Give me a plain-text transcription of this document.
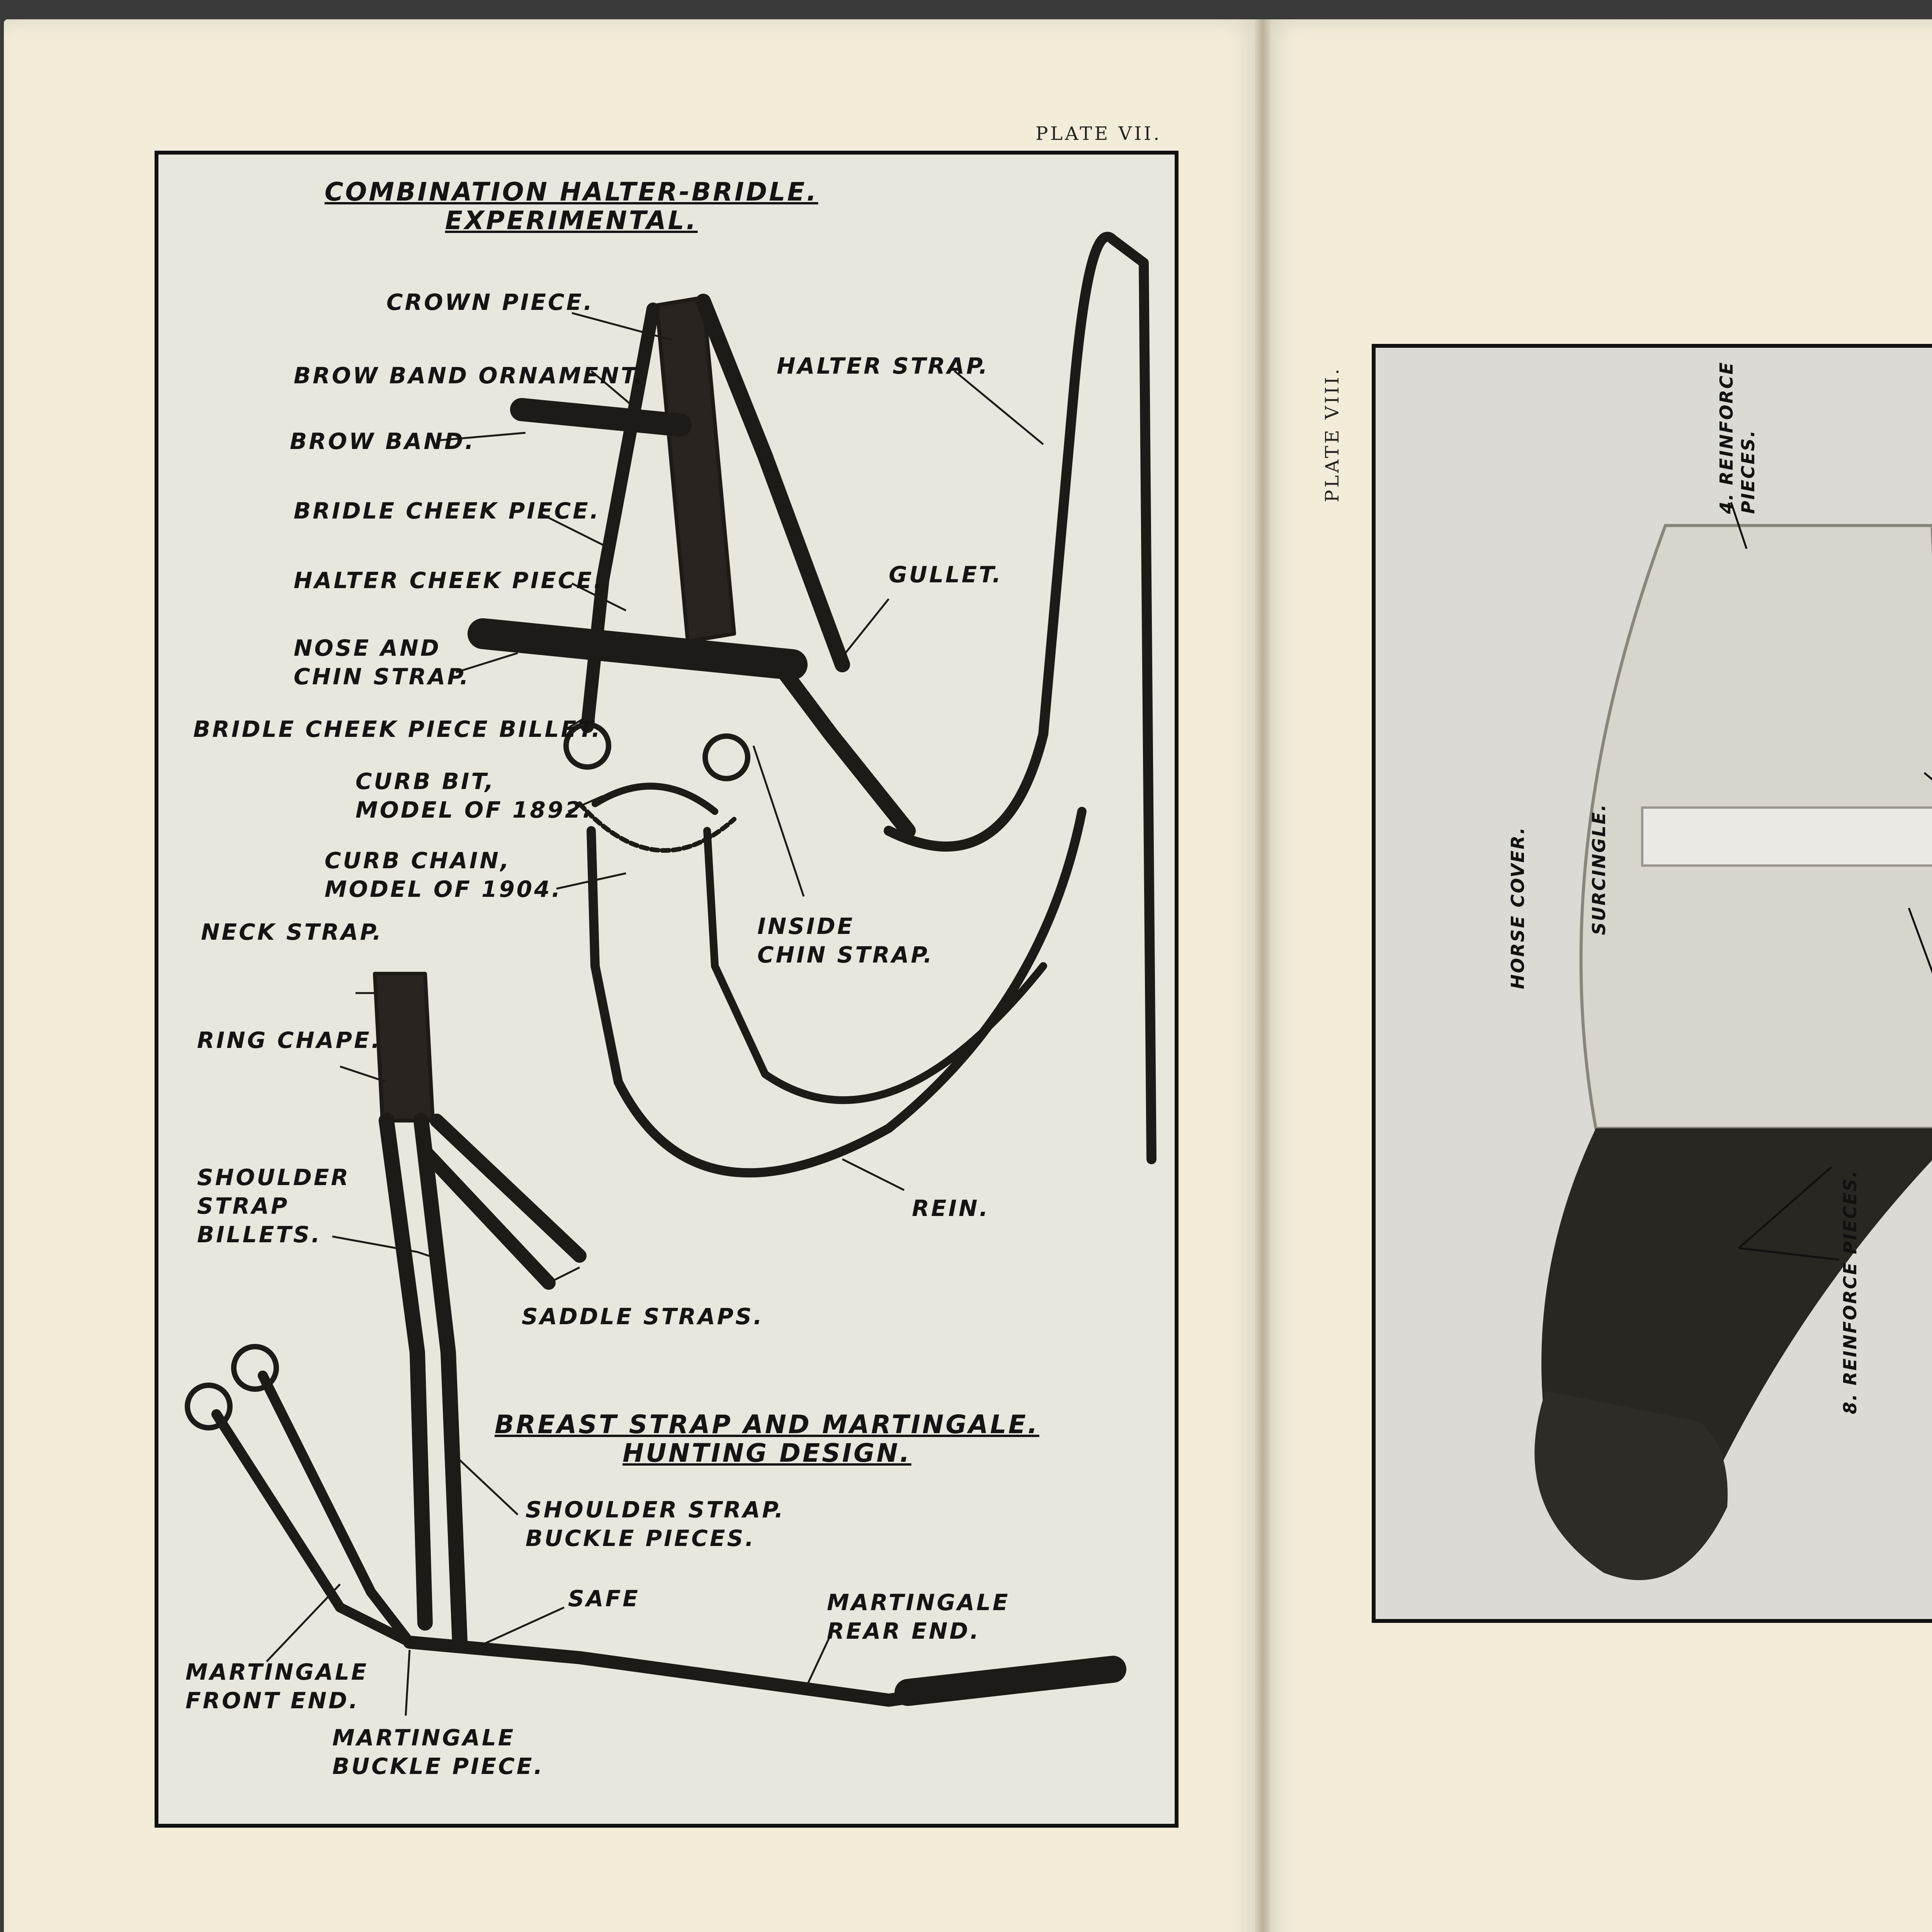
PLATE VII.
COMBINATION HALTER-BRIDLE.
EXPERIMENTAL.
CROWN PIECE.
BROW BAND ORNAMENT.
BROW BAND.
BRIDLE CHEEK PIECE.
HALTER CHEEK PIECE.
NOSE AND
CHIN STRAP.
BRIDLE CHEEK PIECE BILLET.
CURB BIT,
MODEL OF 1892.
CURB CHAIN,
MODEL OF 1904.
HALTER STRAP.
GULLET.
INSIDE
CHIN STRAP.
REIN.
NECK STRAP.
RING CHAPE.
SHOULDER
STRAP
BILLETS.
SADDLE STRAPS.
BREAST STRAP AND MARTINGALE.
HUNTING DESIGN.
SHOULDER STRAP.
BUCKLE PIECES.
SAFE	MARTINGALE
REAR END.
MARTINGALE
FRONT END.
MARTINGALE
BUCKLE PIECE.
PLATE VIII.
HORSE COVER.	SURCINGLE.
4. REINFORCE
PIECES.
8. REINFORCE PIECES.
